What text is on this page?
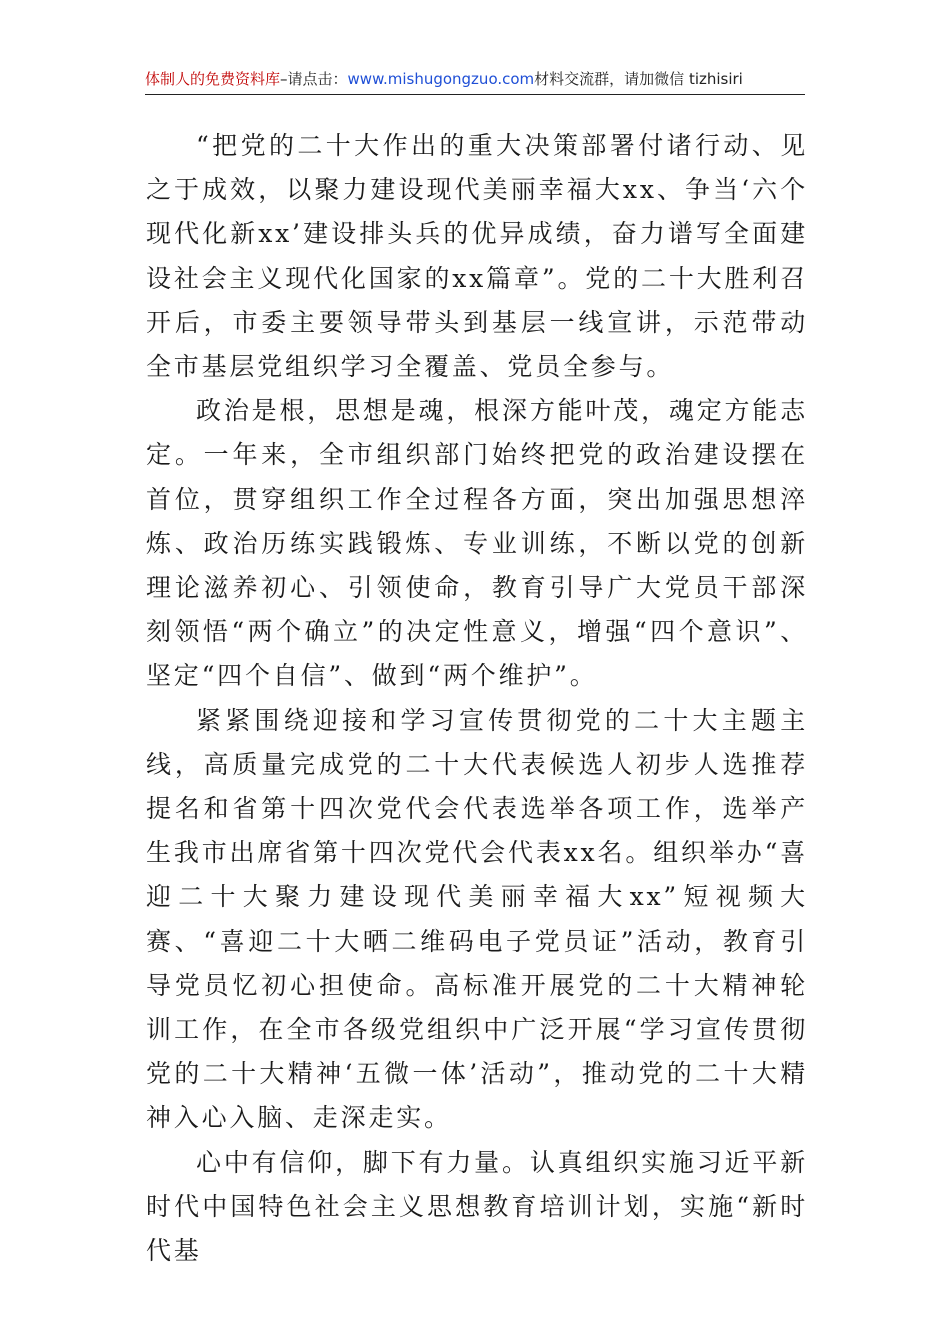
体制人的免费资料库–请点击：www.mishugongzuo.com材料交流群，请加微信 tizhisiri

“把党的二十大作出的重大决策部署付诸行动、见之于成效，以聚力建设现代美丽幸福大xx、争当‘六个现代化新xx’建设排头兵的优异成绩，奋力谱写全面建设社会主义现代化国家的xx篇章”。党的二十大胜利召开后，市委主要领导带头到基层一线宣讲，示范带动全市基层党组织学习全覆盖、党员全参与。

政治是根，思想是魂，根深方能叶茂，魂定方能志定。一年来，全市组织部门始终把党的政治建设摆在首位，贯穿组织工作全过程各方面，突出加强思想淬炼、政治历练实践锻炼、专业训练，不断以党的创新理论滋养初心、引领使命，教育引导广大党员干部深刻领悟“两个确立”的决定性意义，增强“四个意识”、坚定“四个自信”、做到“两个维护”。

紧紧围绕迎接和学习宣传贯彻党的二十大主题主线，高质量完成党的二十大代表候选人初步人选推荐提名和省第十四次党代会代表选举各项工作，选举产生我市出席省第十四次党代会代表xx名。组织举办“喜迎二十大聚力建设现代美丽幸福大xx”短视频大赛、“喜迎二十大晒二维码电子党员证”活动，教育引导党员忆初心担使命。高标准开展党的二十大精神轮训工作，在全市各级党组织中广泛开展“学习宣传贯彻党的二十大精神‘五微一体’活动”，推动党的二十大精神入心入脑、走深走实。

心中有信仰，脚下有力量。认真组织实施习近平新时代中国特色社会主义思想教育培训计划，实施“新时代基
